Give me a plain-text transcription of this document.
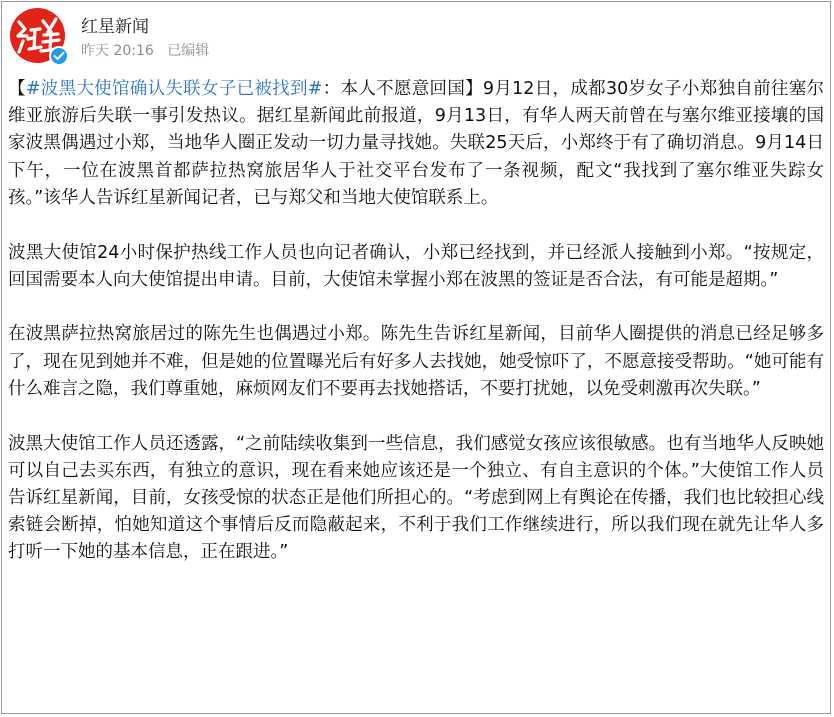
红星新闻
昨天 20:16 已编辑

【#波黑大使馆确认失联女子已被找到#：本人不愿意回国】9月12日，成都30岁女子小郑独自前往塞尔维亚旅游后失联一事引发热议。据红星新闻此前报道，9月13日，有华人两天前曾在与塞尔维亚接壤的国家波黑偶遇过小郑，当地华人圈正发动一切力量寻找她。失联25天后，小郑终于有了确切消息。9月14日下午，一位在波黑首都萨拉热窝旅居华人于社交平台发布了一条视频，配文“我找到了塞尔维亚失踪女孩。”该华人告诉红星新闻记者，已与郑父和当地大使馆联系上。

波黑大使馆24小时保护热线工作人员也向记者确认，小郑已经找到，并已经派人接触到小郑。“按规定，回国需要本人向大使馆提出申请。目前，大使馆未掌握小郑在波黑的签证是否合法，有可能是超期。”

在波黑萨拉热窝旅居过的陈先生也偶遇过小郑。陈先生告诉红星新闻，目前华人圈提供的消息已经足够多了，现在见到她并不难，但是她的位置曝光后有好多人去找她，她受惊吓了，不愿意接受帮助。“她可能有什么难言之隐，我们尊重她，麻烦网友们不要再去找她搭话，不要打扰她，以免受刺激再次失联。”

波黑大使馆工作人员还透露，“之前陆续收集到一些信息，我们感觉女孩应该很敏感。也有当地华人反映她可以自己去买东西，有独立的意识，现在看来她应该还是一个独立、有自主意识的个体。”大使馆工作人员告诉红星新闻，目前，女孩受惊的状态正是他们所担心的。“考虑到网上有舆论在传播，我们也比较担心线索链会断掉，怕她知道这个事情后反而隐蔽起来，不利于我们工作继续进行，所以我们现在就先让华人多打听一下她的基本信息，正在跟进。”
